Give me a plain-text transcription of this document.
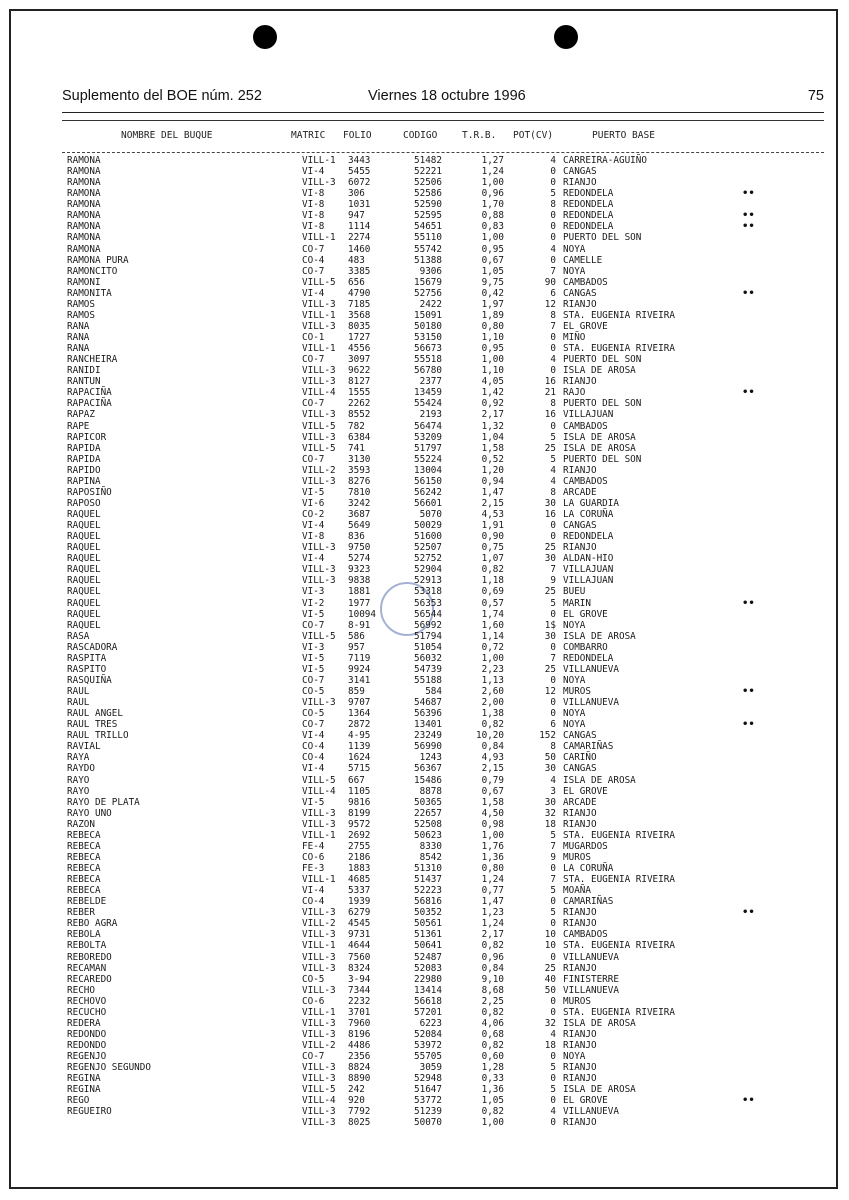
Suplemento del BOE núm. 252	Viernes 18 octubre 1996	75
NOMBRE DEL BUQUE	MATRIC FOLIO	CODIGO	T.R.B. POT(CV)	PUERTO BASE
RAMONA	VILL-1 3443	51482	1,27	4 CARREIRA-AGUIÑO
RAMONA	VI-4	5455	52221	1,24	0 CANGAS
RAMONA	VILL-3 6072	52506	1,00	0 RIANJO
RAMONA	VI-8	306	52586	0,96	5 REDONDELA	••
RAMONA	VI-8	1031	52590	1,70	8 REDONDELA
RAMONA	VI-8	947	52595	0,88	0 REDONDELA	••
RAMONA	VI-8	1114	54651	0,83	0 REDONDELA	••
RAMONA	VILL-1 2274	55110	1,00	0 PUERTO DEL SON
RAMONA	CO-7	1460	55742	0,95	4 NOYA
RAMONA PURA	CO-4	483	51388	0,67	0 CAMELLE
RAMONCITO	CO-7	3385	9306	1,05	7 NOYA
RAMONI	VILL-5 656	15679	9,75	90 CAMBADOS
RAMONITA	VI-4	4790	52756	0,42	6 CANGAS	••
RAMOS	VILL-3 7185	2422	1,97	12 RIANJO
RAMOS	VILL-1 3568	15091	1,89	8 STA. EUGENIA RIVEIRA
RANA	VILL-3 8035	50180	0,80	7 EL GROVE
RANA	CO-1	1727	53150	1,10	0 MIÑO
RANA	VILL-1 4556	56673	0,95	0 STA. EUGENIA RIVEIRA
RANCHEIRA	CO-7	3097	55518	1,00	4 PUERTO DEL SON
RANIDI	VILL-3 9622	56780	1,10	0 ISLA DE AROSA
RANTUN	VILL-3 8127	2377	4,05	16 RIANJO
RAPACIÑA	VILL-4 1555	13459	1,42	21 RAJO	••
RAPACIÑA	CO-7	2262	55424	0,92	8 PUERTO DEL SON
RAPAZ	VILL-3 8552	2193	2,17	16 VILLAJUAN
RAPE	VILL-5 782	56474	1,32	0 CAMBADOS
RAPICOR	VILL-3 6384	53209	1,04	5 ISLA DE AROSA
RAPIDA	VILL-5 741	51797	1,58	25 ISLA DE AROSA
RAPIDA	CO-7	3130	55224	0,52	5 PUERTO DEL SON
RAPIDO	VILL-2 3593	13004	1,20	4 RIANJO
RAPINA	VILL-3 8276	56150	0,94	4 CAMBADOS
RAPOSIÑO	VI-5	7810	56242	1,47	8 ARCADE
RAPOSO	VI-6	3242	56601	2,15	30 LA GUARDIA
RAQUEL	CO-2	3687	5070	4,53	16 LA CORUÑA
RAQUEL	VI-4	5649	50029	1,91	0 CANGAS
RAQUEL	VI-8	836	51600	0,90	0 REDONDELA
RAQUEL	VILL-3 9750	52507	0,75	25 RIANJO
RAQUEL	VI-4	5274	52752	1,07	30 ALDAN-HIO
RAQUEL	VILL-3 9323	52904	0,82	7 VILLAJUAN
RAQUEL	VILL-3 9838	52913	1,18	9 VILLAJUAN
RAQUEL	VI-3	1881	53318	0,69	25 BUEU
RAQUEL	VI-2	1977	56353	0,57	5 MARIN	••
RAQUEL	VI-5	10094	56544	1,74	0 EL GROVE
RAQUEL	CO-7	8-91	56992	1,60	1$ NOYA
RASA	VILL-5 586	51794	1,14	30 ISLA DE AROSA
RASCADORA	VI-3	957	51054	0,72	0 COMBARRO
RASPITA	VI-5	7119	56032	1,00	7 REDONDELA
RASPITO	VI-5	9924	54739	2,23	25 VILLANUEVA
RASQUIÑA	CO-7	3141	55188	1,13	0 NOYA
RAUL	CO-5	859	584	2,60	12 MUROS	••
RAUL	VILL-3 9707	54687	2,00	0 VILLANUEVA
RAUL ANGEL	CO-5	1364	56396	1,38	0 NOYA
RAUL TRES	CO-7	2872	13401	0,82	6 NOYA	••
RAUL TRILLO	VI-4	4-95	23249	10,20	152 CANGAS
RAVIAL	CO-4	1139	56990	0,84	8 CAMARIÑAS
RAYA	CO-4	1624	1243	4,93	50 CARIÑO
RAYDO	VI-4	5715	56367	2,15	30 CANGAS
RAYO	VILL-5 667	15486	0,79	4 ISLA DE AROSA
RAYO	VILL-4 1105	8878	0,67	3 EL GROVE
RAYO DE PLATA	VI-5	9816	50365	1,58	30 ARCADE
RAYO UNO	VILL-3 8199	22657	4,50	32 RIANJO
RAZON	VILL-3 9572	52508	0,98	18 RIANJO
REBECA	VILL-1 2692	50623	1,00	5 STA. EUGENIA RIVEIRA
REBECA	FE-4	2755	8330	1,76	7 MUGARDOS
REBECA	CO-6	2186	8542	1,36	9 MUROS
REBECA	FE-3	1883	51310	0,80	0 LA CORUÑA
REBECA	VILL-1 4685	51437	1,24	7 STA. EUGENIA RIVEIRA
REBECA	VI-4	5337	52223	0,77	5 MOAÑA
REBELDE	CO-4	1939	56816	1,47	0 CAMARIÑAS
REBER	VILL-3 6279	50352	1,23	5 RIANJO	••
REBO AGRA	VILL-2 4545	50561	1,24	0 RIANJO
REBOLA	VILL-3 9731	51361	2,17	10 CAMBADOS
REBOLTA	VILL-1 4644	50641	0,82	10 STA. EUGENIA RIVEIRA
REBOREDO	VILL-3 7560	52487	0,96	0 VILLANUEVA
RECAMAN	VILL-3 8324	52083	0,84	25 RIANJO
RECAREDO	CO-5	3-94	22980	9,10	40 FINISTERRE
RECHO	VILL-3 7344	13414	8,68	50 VILLANUEVA
RECHOVO	CO-6	2232	56618	2,25	0 MUROS
RECUCHO	VILL-1 3701	57201	0,82	0 STA. EUGENIA RIVEIRA
REDERA	VILL-3 7960	6223	4,06	32 ISLA DE AROSA
REDONDO	VILL-3 8196	52084	0,68	4 RIANJO
REDONDO	VILL-2 4486	53972	0,82	18 RIANJO
REGENJO	CO-7	2356	55705	0,60	0 NOYA
REGENJO SEGUNDO	VILL-3 8824	3059	1,28	5 RIANJO
REGINA	VILL-3 8890	52948	0,33	0 RIANJO
REGINA	VILL-5 242	51647	1,36	5 ISLA DE AROSA
REGO	VILL-4 920	53772	1,05	0 EL GROVE	••
REGUEIRO	VILL-3 7792	51239	0,82	4 VILLANUEVA
VILL-3 8025	50070	1,00	0 RIANJO
